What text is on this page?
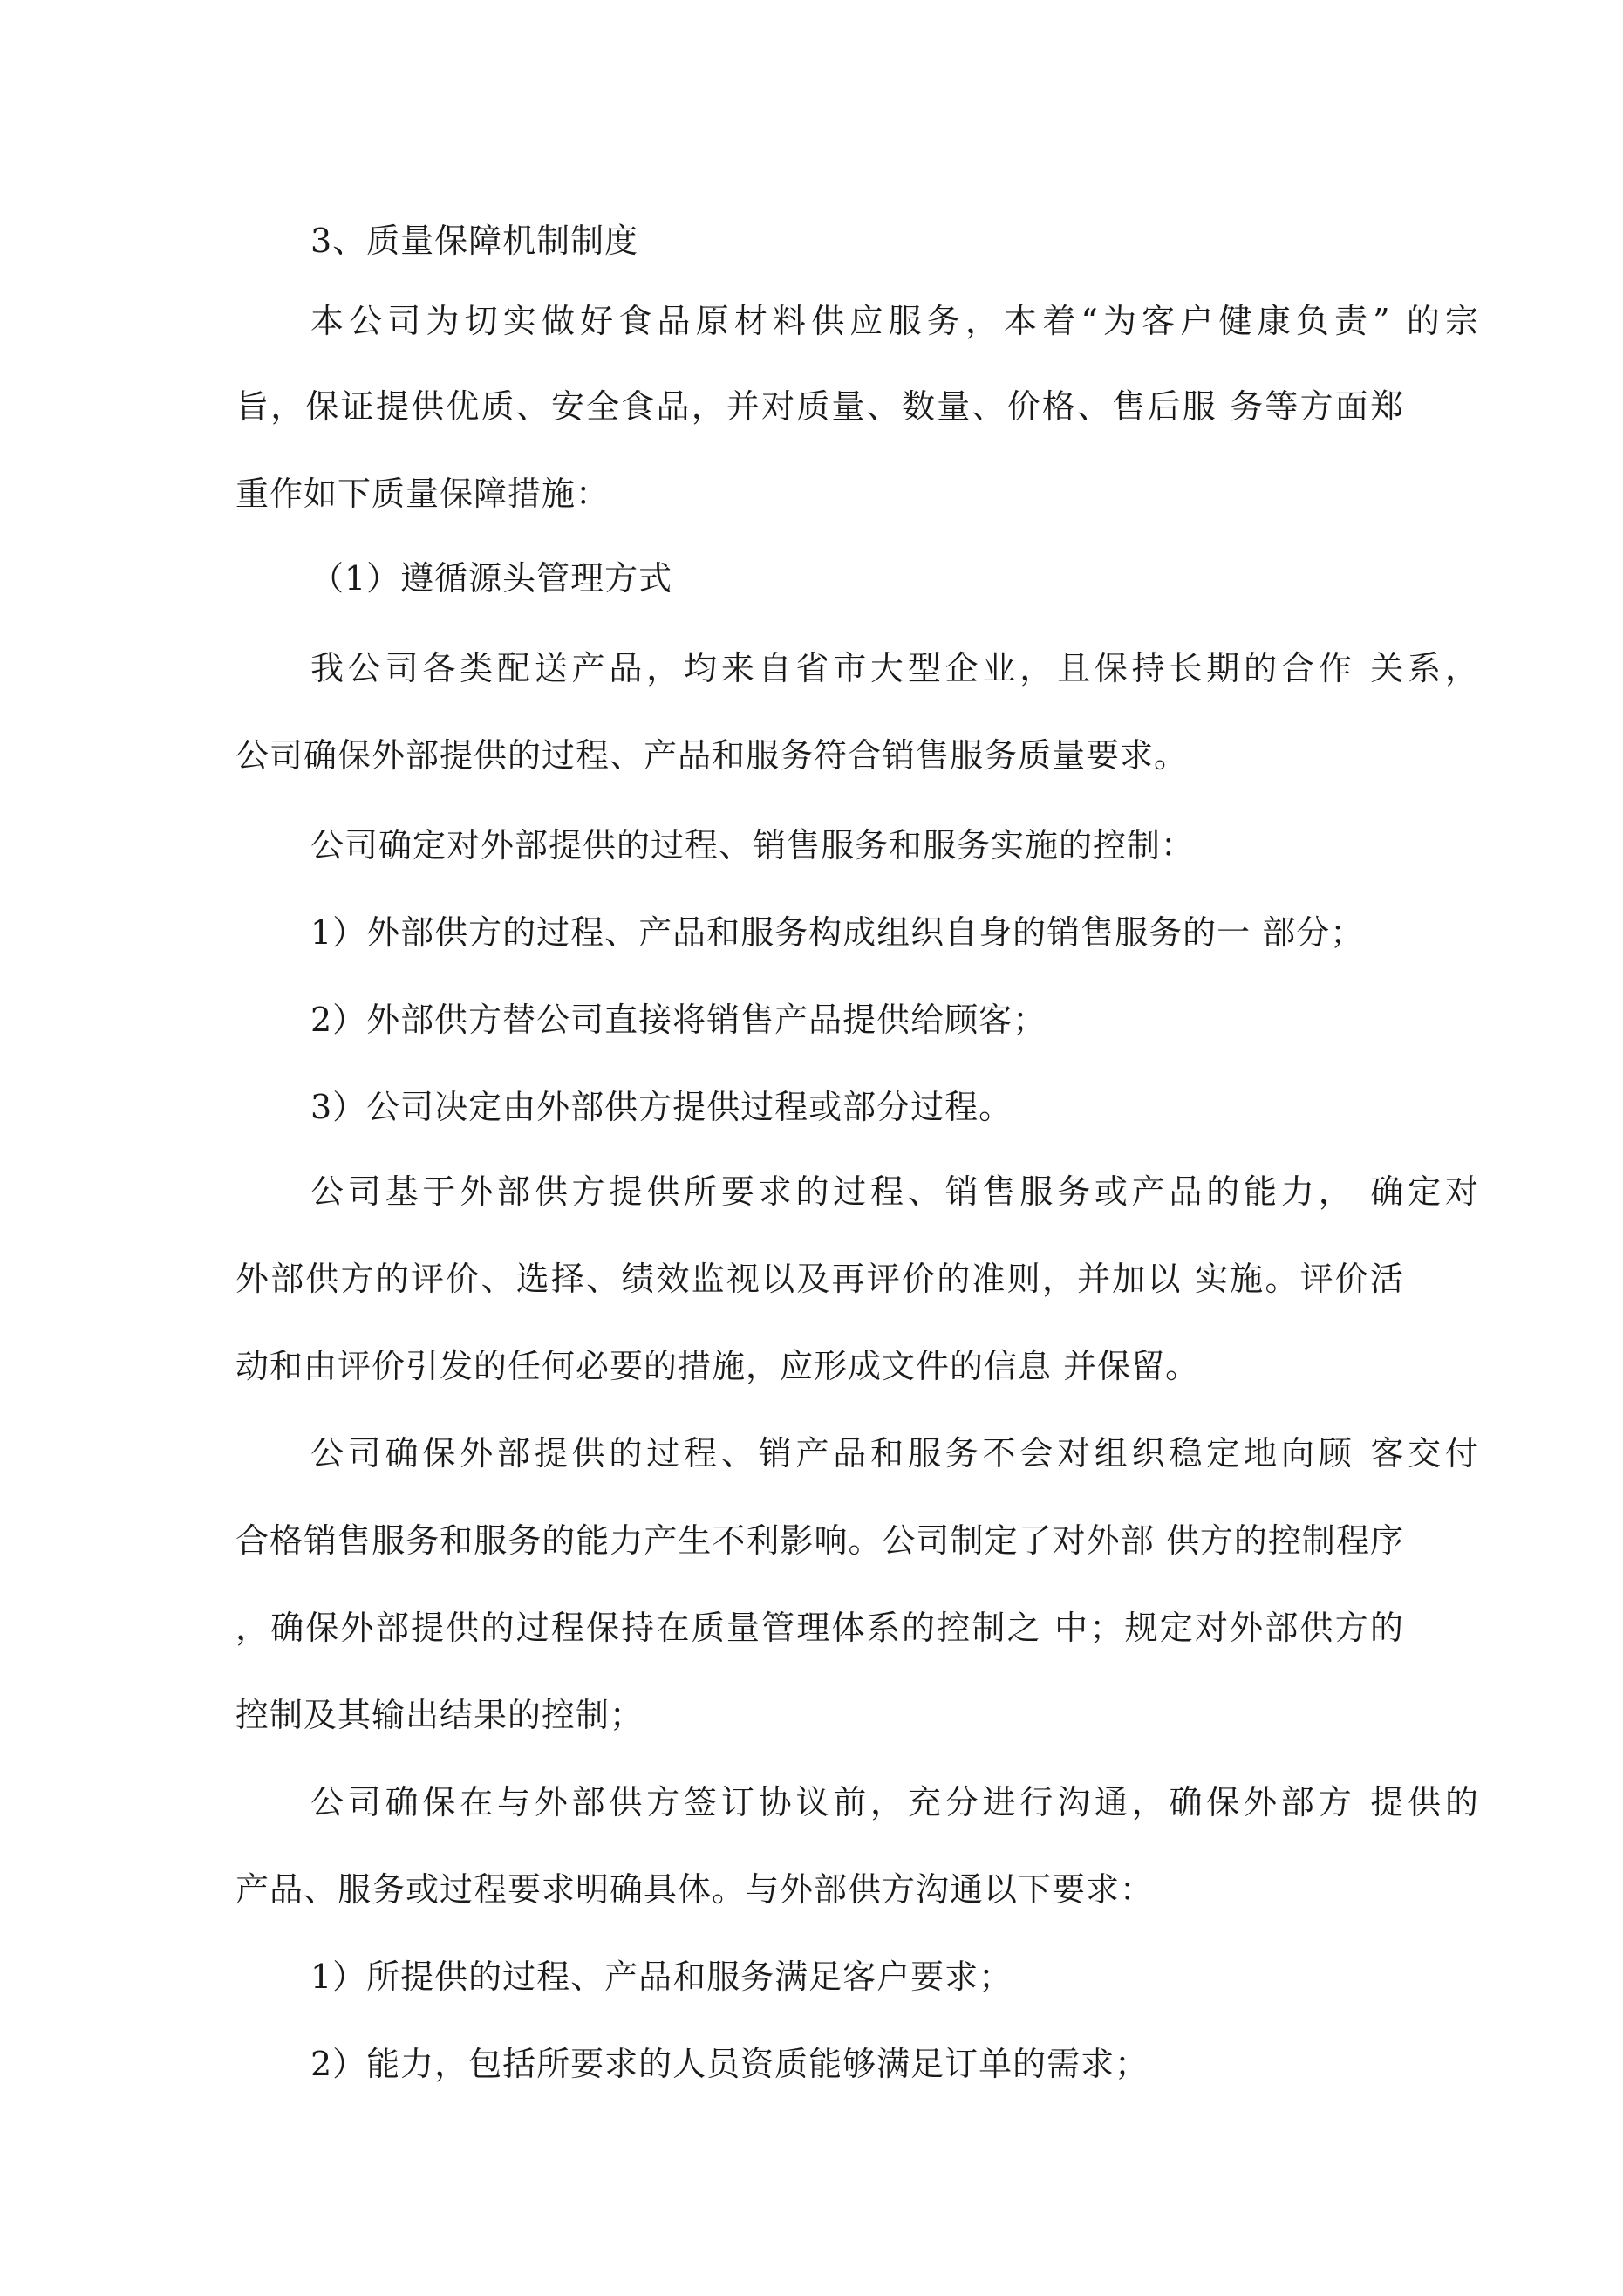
3、质量保障机制制度
本公司为切实做好食品原材料供应服务，本着“为客户健康负责” 的宗
旨，保证提供优质、安全食品，并对质量、数量、价格、售后服 务等方面郑
重作如下质量保障措施：
（1）遵循源头管理方式
我公司各类配送产品，均来自省市大型企业，且保持长期的合作 关系，
公司确保外部提供的过程、产品和服务符合销售服务质量要求。
公司确定对外部提供的过程、销售服务和服务实施的控制：
1）外部供方的过程、产品和服务构成组织自身的销售服务的一 部分；
2）外部供方替公司直接将销售产品提供给顾客；
3）公司决定由外部供方提供过程或部分过程。
公司基于外部供方提供所要求的过程、销售服务或产品的能力， 确定对
外部供方的评价、选择、绩效监视以及再评价的准则，并加以 实施。评价活
动和由评价引发的任何必要的措施，应形成文件的信息 并保留。
公司确保外部提供的过程、销产品和服务不会对组织稳定地向顾 客交付
合格销售服务和服务的能力产生不利影响。公司制定了对外部 供方的控制程序
，确保外部提供的过程保持在质量管理体系的控制之 中；规定对外部供方的
控制及其输出结果的控制；
公司确保在与外部供方签订协议前，充分进行沟通，确保外部方 提供的
产品、服务或过程要求明确具体。与外部供方沟通以下要求：
1）所提供的过程、产品和服务满足客户要求；
2）能力，包括所要求的人员资质能够满足订单的需求；
